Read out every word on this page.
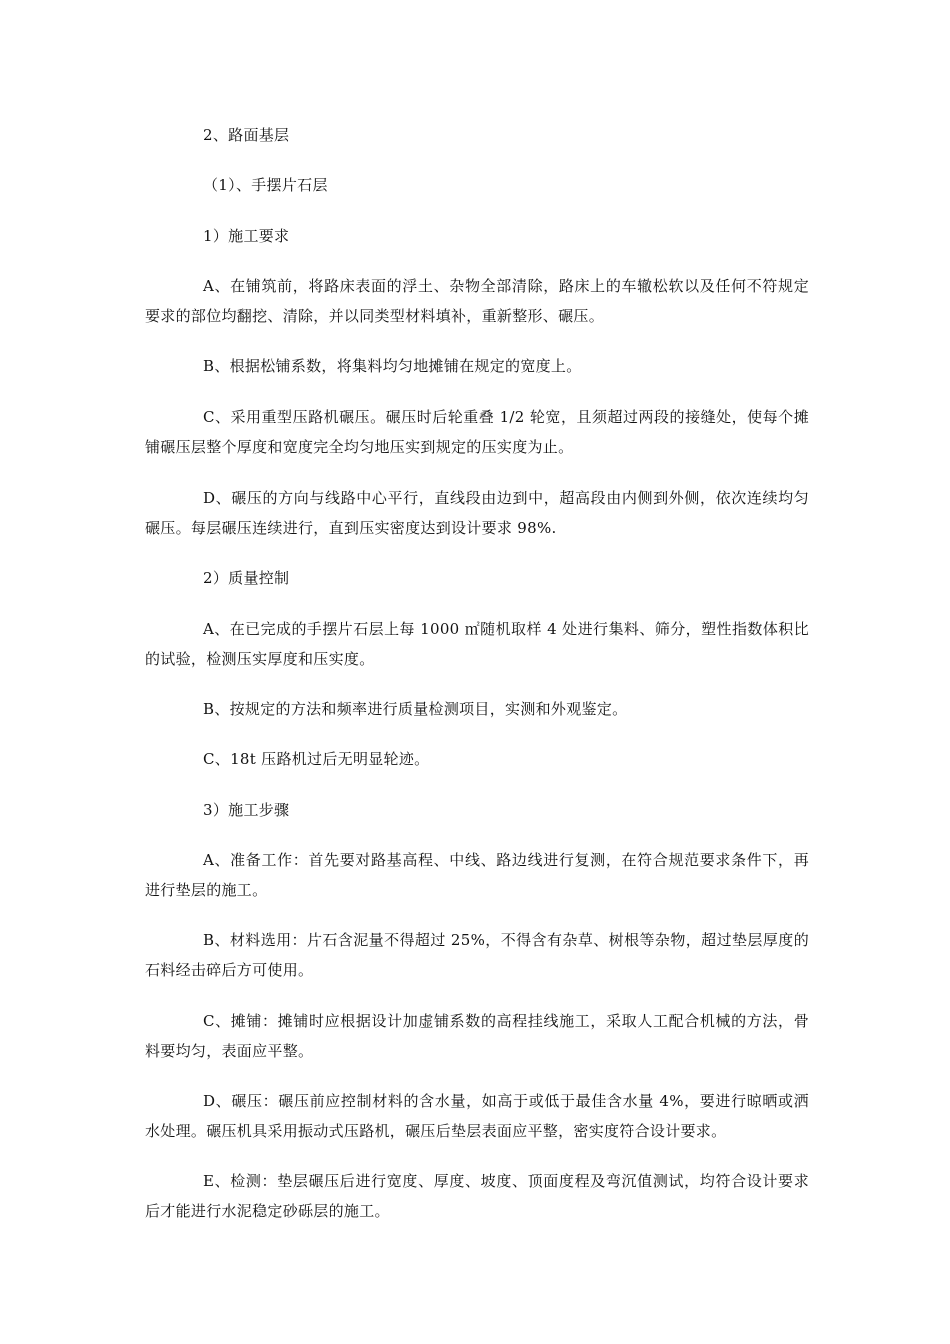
2、路面基层

（1）、手摆片石层

1）施工要求

A、在铺筑前，将路床表面的浮土、杂物全部清除，路床上的车辙松软以及任何不符规定要求的部位均翻挖、清除，并以同类型材料填补，重新整形、碾压。

B、根据松铺系数，将集料均匀地摊铺在规定的宽度上。

C、采用重型压路机碾压。碾压时后轮重叠 1/2 轮宽，且须超过两段的接缝处，使每个摊铺碾压层整个厚度和宽度完全均匀地压实到规定的压实度为止。

D、碾压的方向与线路中心平行，直线段由边到中，超高段由内侧到外侧，依次连续均匀碾压。每层碾压连续进行，直到压实密度达到设计要求 98%.

2）质量控制

A、在已完成的手摆片石层上每 1000 ㎡随机取样 4 处进行集料、筛分，塑性指数体积比的试验，检测压实厚度和压实度。

B、按规定的方法和频率进行质量检测项目，实测和外观鉴定。

C、18t 压路机过后无明显轮迹。

3）施工步骤

A、准备工作：首先要对路基高程、中线、路边线进行复测，在符合规范要求条件下，再进行垫层的施工。

B、材料选用：片石含泥量不得超过 25%，不得含有杂草、树根等杂物，超过垫层厚度的石料经击碎后方可使用。

C、摊铺：摊铺时应根据设计加虚铺系数的高程挂线施工，采取人工配合机械的方法，骨料要均匀，表面应平整。

D、碾压：碾压前应控制材料的含水量，如高于或低于最佳含水量 4%，要进行晾晒或洒水处理。碾压机具采用振动式压路机，碾压后垫层表面应平整，密实度符合设计要求。

E、检测：垫层碾压后进行宽度、厚度、坡度、顶面度程及弯沉值测试，均符合设计要求后才能进行水泥稳定砂砾层的施工。
